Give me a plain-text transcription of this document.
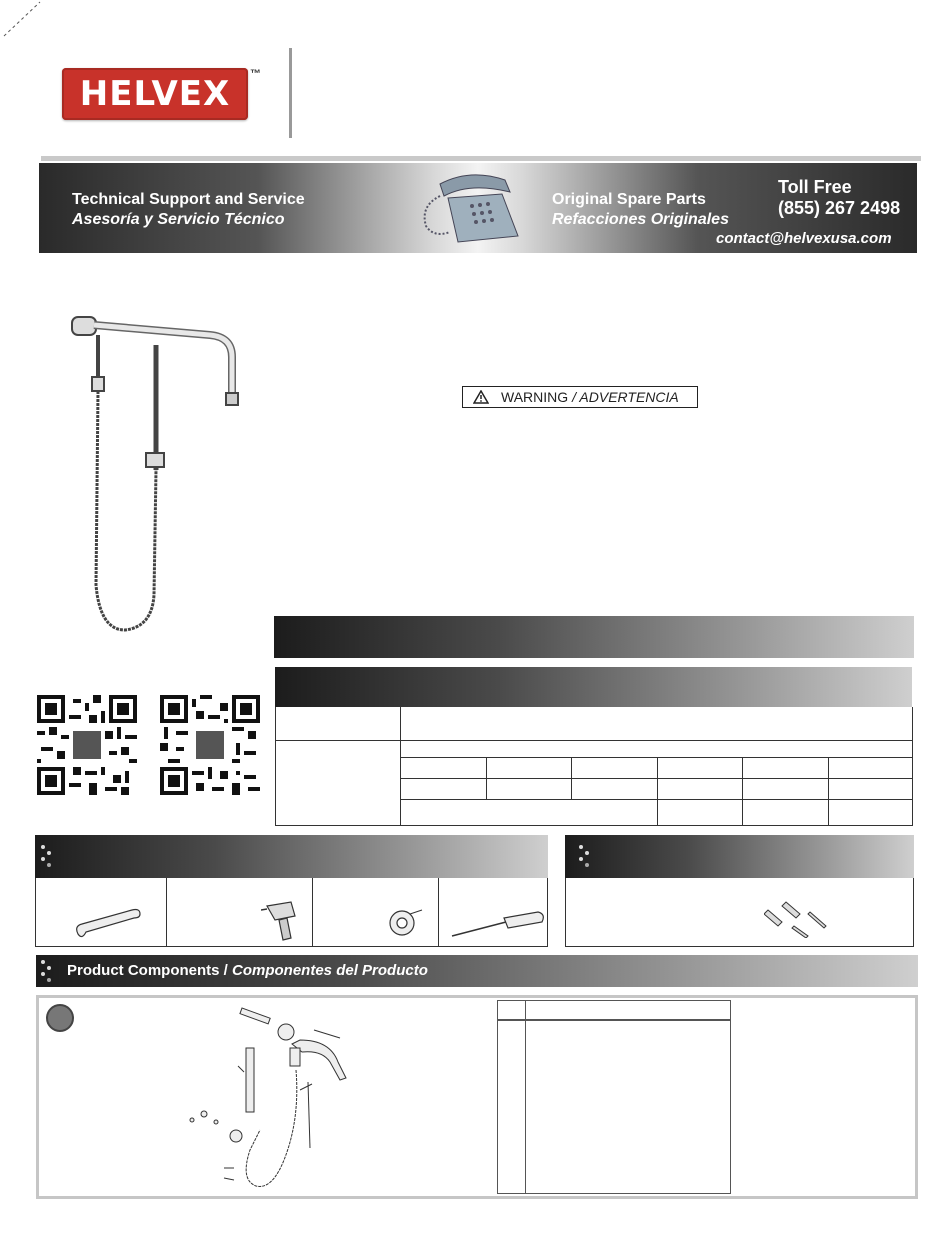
HELVEX ™
Technical Support and Service
Asesoría y Servicio Técnico
Original Spare Parts
Refacciones Originales
Toll Free
(855) 267 2498
contact@helvexusa.com
WARNING / ADVERTENCIA
Product Components / Componentes del Producto
